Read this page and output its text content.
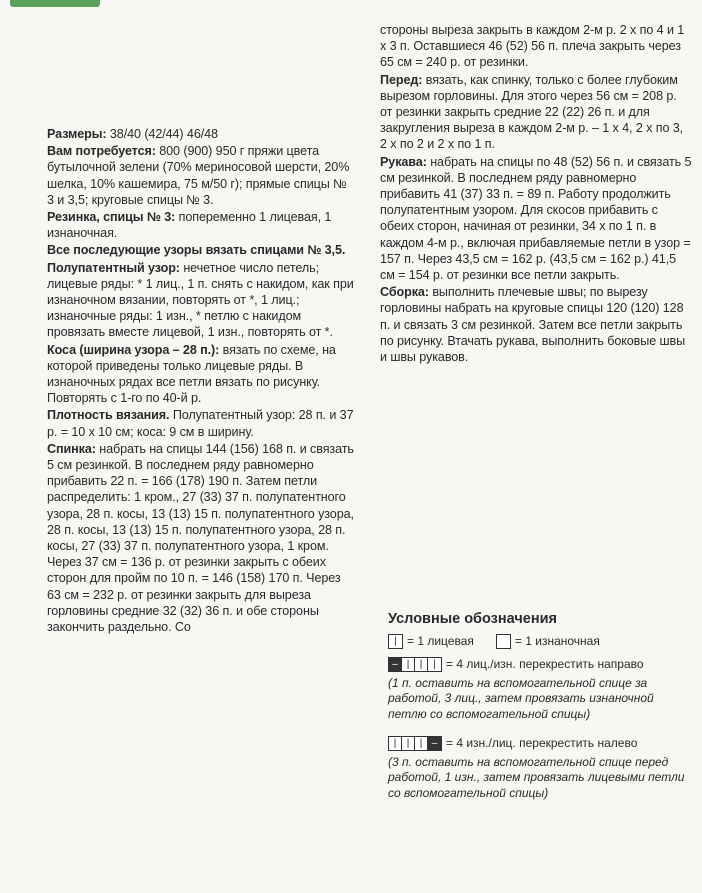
Размеры: 38/40 (42/44) 46/48

Вам потребуется: 800 (900) 950 г пряжи цвета бутылочной зелени (70% мериносовой шерсти, 20% шелка, 10% кашемира, 75 м/50 г); прямые спицы № 3 и 3,5; круговые спицы № 3.

Резинка, спицы № 3: попеременно 1 лицевая, 1 изнаночная.

Все последующие узоры вязать спицами № 3,5.

Полупатентный узор: нечетное число петель; лицевые ряды: * 1 лиц., 1 п. снять с накидом, как при изнаночном вязании, повторять от *, 1 лиц.; изнаночные ряды: 1 изн., * петлю с накидом провязать вместе лицевой, 1 изн., повторять от *.

Коса (ширина узора – 28 п.): вязать по схеме, на которой приведены только лицевые ряды. В изнаночных рядах все петли вязать по рисунку. Повторять с 1-го по 40-й р.

Плотность вязания. Полупатентный узор: 28 п. и 37 р. = 10 х 10 см; коса: 9 см в ширину.

Спинка: набрать на спицы 144 (156) 168 п. и связать 5 см резинкой. В последнем ряду равномерно прибавить 22 п. = 166 (178) 190 п. Затем петли распределить: 1 кром., 27 (33) 37 п. полупатентного узора, 28 п. косы, 13 (13) 15 п. полупатентного узора, 28 п. косы, 13 (13) 15 п. полупатентного узора, 28 п. косы, 27 (33) 37 п. полупатентного узора, 1 кром. Через 37 см = 136 р. от резинки закрыть с обеих сторон для пройм по 10 п. = 146 (158) 170 п. Через 63 см = 232 р. от резинки закрыть для выреза горловины средние 32 (32) 36 п. и обе стороны закончить раздельно. Со

стороны выреза закрыть в каждом 2-м р. 2 х по 4 и 1 х 3 п. Оставшиеся 46 (52) 56 п. плеча закрыть через 65 см = 240 р. от резинки.

Перед: вязать, как спинку, только с более глубоким вырезом горловины. Для этого через 56 см = 208 р. от резинки закрыть средние 22 (22) 26 п. и для закругления выреза в каждом 2-м р. – 1 х 4, 2 х по 3, 2 х по 2 и 2 х по 1 п.

Рукава: набрать на спицы по 48 (52) 56 п. и связать 5 см резинкой. В последнем ряду равномерно прибавить 41 (37) 33 п. = 89 п. Работу продолжить полупатентным узором. Для скосов прибавить с обеих сторон, начиная от резинки, 34 х по 1 п. в каждом 4-м р., включая прибавляемые петли в узор = 157 п. Через 43,5 см = 162 р. (43,5 см = 162 р.) 41,5 см = 154 р. от резинки все петли закрыть.

Сборка: выполнить плечевые швы; по вырезу горловины набрать на круговые спицы 120 (120) 128 п. и связать 3 см резинкой. Затем все петли закрыть по рисунку. Втачать рукава, выполнить боковые швы и швы рукавов.

Условные обозначения
| = 1 лицевая	= 1 изнаночная
– |	|	| = 4 лиц./изн. перекрестить направо

(1 п. оставить на вспомогательной спице за работой, 3 лиц., затем провязать изнаночной петлю со вспомогательной спицы)

|	|	| – = 4 изн./лиц. перекрестить налево

(3 п. оставить на вспомогательной спице перед работой, 1 изн., затем провязать лицевыми петли со вспомогательной спицы)
